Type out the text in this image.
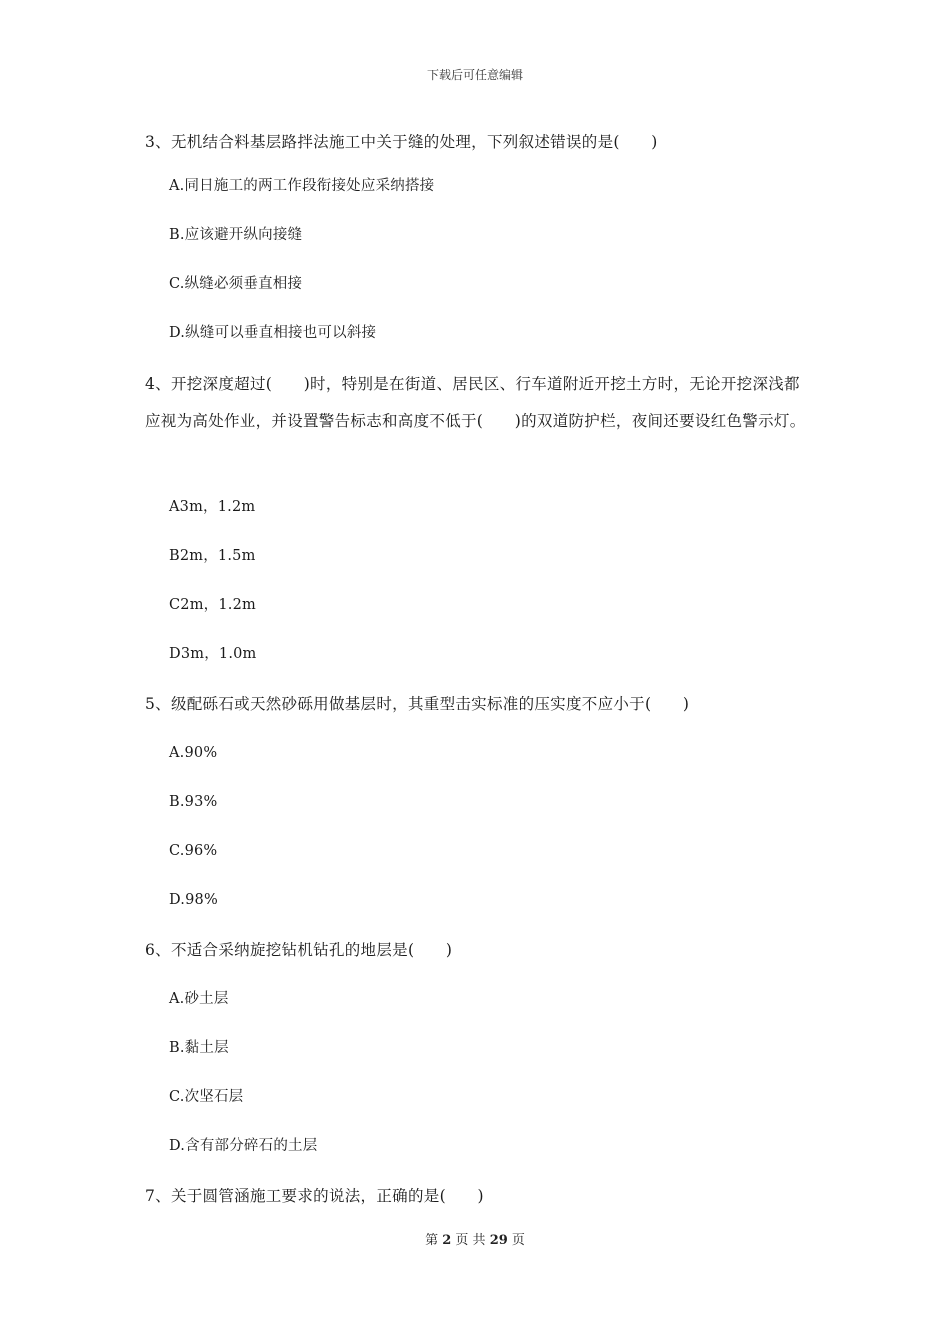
下载后可任意编辑
3、无机结合料基层路拌法施工中关于缝的处理，下列叙述错误的是(　　)
A.同日施工的两工作段衔接处应采纳搭接
B.应该避开纵向接缝
C.纵缝必须垂直相接
D.纵缝可以垂直相接也可以斜接
4、开挖深度超过(　　)时，特别是在街道、居民区、行车道附近开挖土方时，无论开挖深浅都应视为高处作业，并设置警告标志和高度不低于(　　)的双道防护栏，夜间还要设红色警示灯。
A3m，1.2m
B2m，1.5m
C2m，1.2m
D3m，1.0m
5、级配砾石或天然砂砾用做基层时，其重型击实标准的压实度不应小于(　　)
A.90%
B.93%
C.96%
D.98%
6、不适合采纳旋挖钻机钻孔的地层是(　　)
A.砂土层
B.黏土层
C.次坚石层
D.含有部分碎石的土层
7、关于圆管涵施工要求的说法，正确的是(　　)
第 2 页 共 29 页
